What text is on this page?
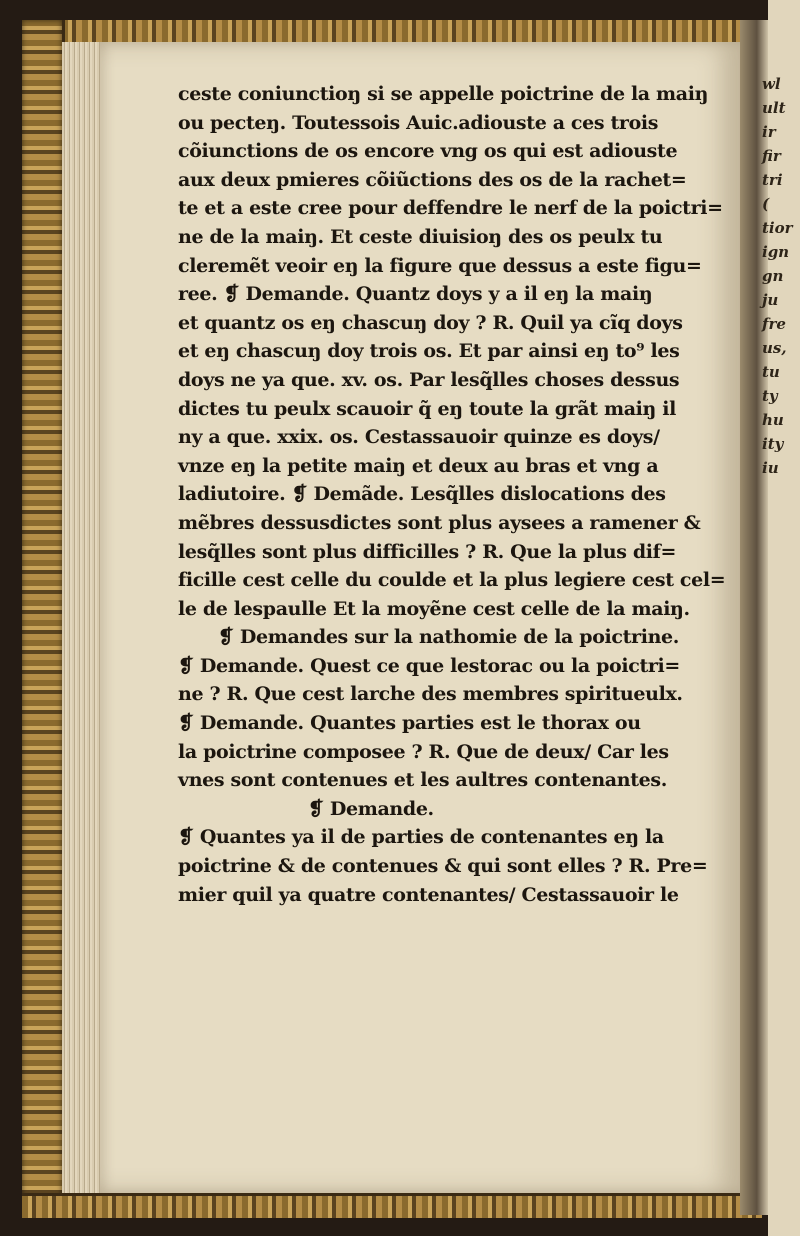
ceste coniunctioŋ si se appelle poictrine de la maiŋ
ou pecteŋ. Toutessois Auic.adiouste a ces trois
cõiunctions de os encore vng os qui est adiouste
aux deux pmieres cõiũctions des os de la rachet=
te et a este cree pour deffendre le nerf de la poictri=
ne de la maiŋ. Et ceste diuisioŋ des os peulx tu
cleremẽt veoir eŋ la figure que dessus a este figu=
ree. ❡ Demande. Quantz doys y a il eŋ la maiŋ
et quantz os eŋ chascuŋ doy ? R. Quil ya cĩq doys
et eŋ chascuŋ doy trois os. Et par ainsi eŋ to⁹ les
doys ne ya que. xv. os. Par lesq̃lles choses dessus
dictes tu peulx scauoir q̃ eŋ toute la grãt maiŋ il
ny a que. xxix. os. Cestassauoir quinze es doys/
vnze eŋ la petite maiŋ et deux au bras et vng a
ladiutoire. ❡ Demãde. Lesq̃lles dislocations des
mẽbres dessusdictes sont plus aysees a ramener &
lesq̃lles sont plus difficilles ? R. Que la plus dif=
ficille cest celle du coulde et la plus legiere cest cel=
le de lespaulle Et la moyẽne cest celle de la maiŋ.
❡ Demandes sur la nathomie de la poictrine.
❡ Demande. Quest ce que lestorac ou la poictri=
ne ? R. Que cest larche des membres spiritueulx.
❡ Demande. Quantes parties est le thorax ou
la poictrine composee ? R. Que de deux/ Car les
vnes sont contenues et les aultres contenantes.
❡ Demande.
❡ Quantes ya il de parties de contenantes eŋ la
poictrine & de contenues & qui sont elles ? R. Pre=
mier quil ya quatre contenantes/ Cestassauoir le
wl
ult
ir
fir
tri
(
tior
ign
gn
ju
fre
us,
tu
ty
hu
ity
iu
